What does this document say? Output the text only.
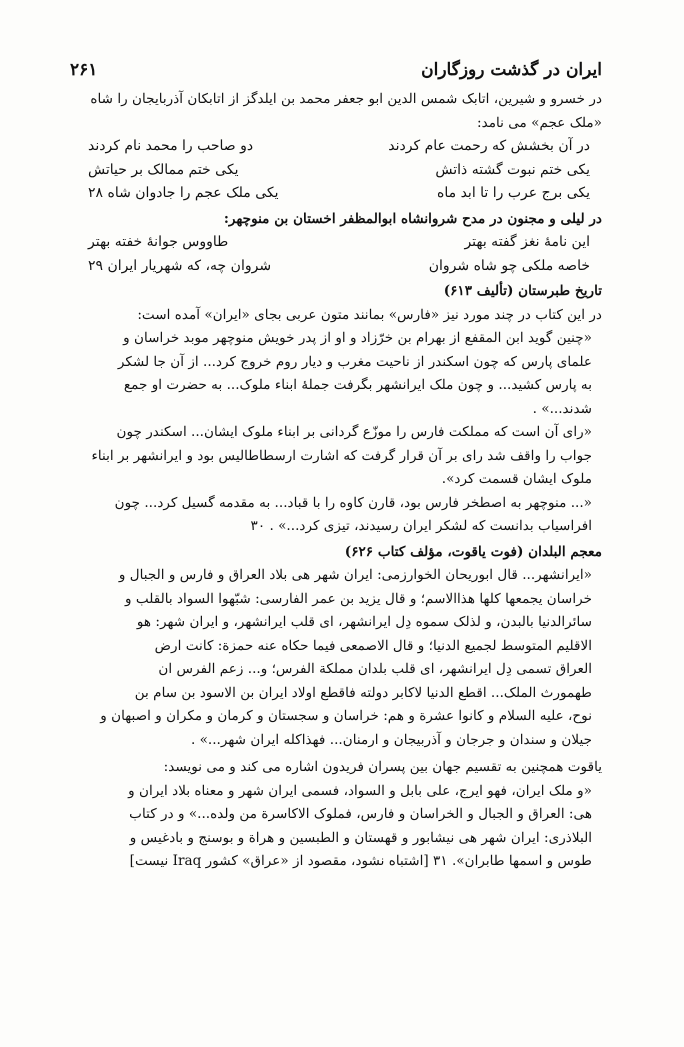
ایران در گذشت روزگاران
۲۶۱

در خسرو و شیرین، اتابک شمس الدین ابو جعفر محمد بن ایلدگز از اتابکان آذربایجان را شاه

«ملک عجم» می نامد:

در آن بخشش که رحمت عام کردند
دو صاحب را محمد نام کردند
یکی ختم نبوت گشته ذاتش
یکی ختم ممالک بر حیاتش
یکی برج عرب را تا ابد ماه
یکی ملک عجم را جادوان شاه ۲۸

در لیلی و مجنون در مدح شروانشاه ابوالمظفر اخستان بن منوچهر:

این نامهٔ نغز گفته بهتر
طاووس جوانهٔ خفته بهتر
خاصه ملکی چو شاه شروان
شروان چه، که شهریار ایران ۲۹

تاریخ طبرستان (تألیف ۶۱۳)

در این کتاب در چند مورد نیز «فارس» بمانند متون عربی بجای «ایران» آمده است:

«چنین گوید ابن المقفع از بهرام بن خرّزاد و او از پدر خویش منوچهر موبد خراسان و

علمای پارس که چون اسکندر از ناحیت مغرب و دیار روم خروج کرد... از آن جا لشکر

به پارس کشید... و چون ملک ایرانشهر بگرفت جملهٔ ابناء ملوک... به حضرت او جمع

شدند...» .

«رای آن است که مملکت فارس را موزّع گردانی بر ابناء ملوک ایشان... اسکندر چون

جواب را واقف شد رای بر آن قرار گرفت که اشارت ارسطاطالیس بود و ایرانشهر بر ابناء

ملوک ایشان قسمت کرد».

«... منوچهر به اصطخر فارس بود، قارن کاوه را با قباد... به مقدمه گسیل کرد... چون

افراسیاب بدانست که لشکر ایران رسیدند، تیزی کرد...» . ۳۰

معجم البلدان (فوت یاقوت، مؤلف کتاب ۶۲۶)

«ایرانشهر... قال ابوریحان الخوارزمی: ایران شهر هی بلاد العراق و فارس و الجبال و

خراسان یجمعها کلها هذاالاسم؛ و قال یزید بن عمر الفارسی: شبّهوا السواد بالقلب و

سائرالدنیا بالبدن، و لذلک سموه دِل ایرانشهر، ای قلب ایرانشهر، و ایران شهر: هو

الاقلیم المتوسط لجمیع الدنیا؛ و قال الاصمعی فیما حکاه عنه حمزة: کانت ارض

العراق تسمی دِل ایرانشهر، ای قلب بلدان مملکة الفرس؛ و... زعم الفرس ان

طهمورث الملک... اقطع الدنیا لاکابر دولته فاقطع اولاد ایران بن الاسود بن سام بن

نوح، علیه السلام و کانوا عشرة و هم: خراسان و سجستان و کرمان و مکران و اصبهان و

جیلان و سندان و جرجان و آذربیجان و ارمنان... فهذاکله ایران شهر...» .

یاقوت همچنین به تقسیم جهان بین پسران فریدون اشاره می کند و می نویسد:

«و ملک ایران، فهو ایرج، علی بابل و السواد، فسمی ایران شهر و معناه بلاد ایران و

هی: العراق و الجبال و الخراسان و فارس، فملوک الاکاسرة من ولده...» و در کتاب

البلاذری: ایران شهر هی نیشابور و قهستان و الطبسین و هراة و بوسنج و بادغیس و

طوس و اسمها طابران». ۳۱ [اشتباه نشود، مقصود از «عراق» کشور Iraq نیست]
